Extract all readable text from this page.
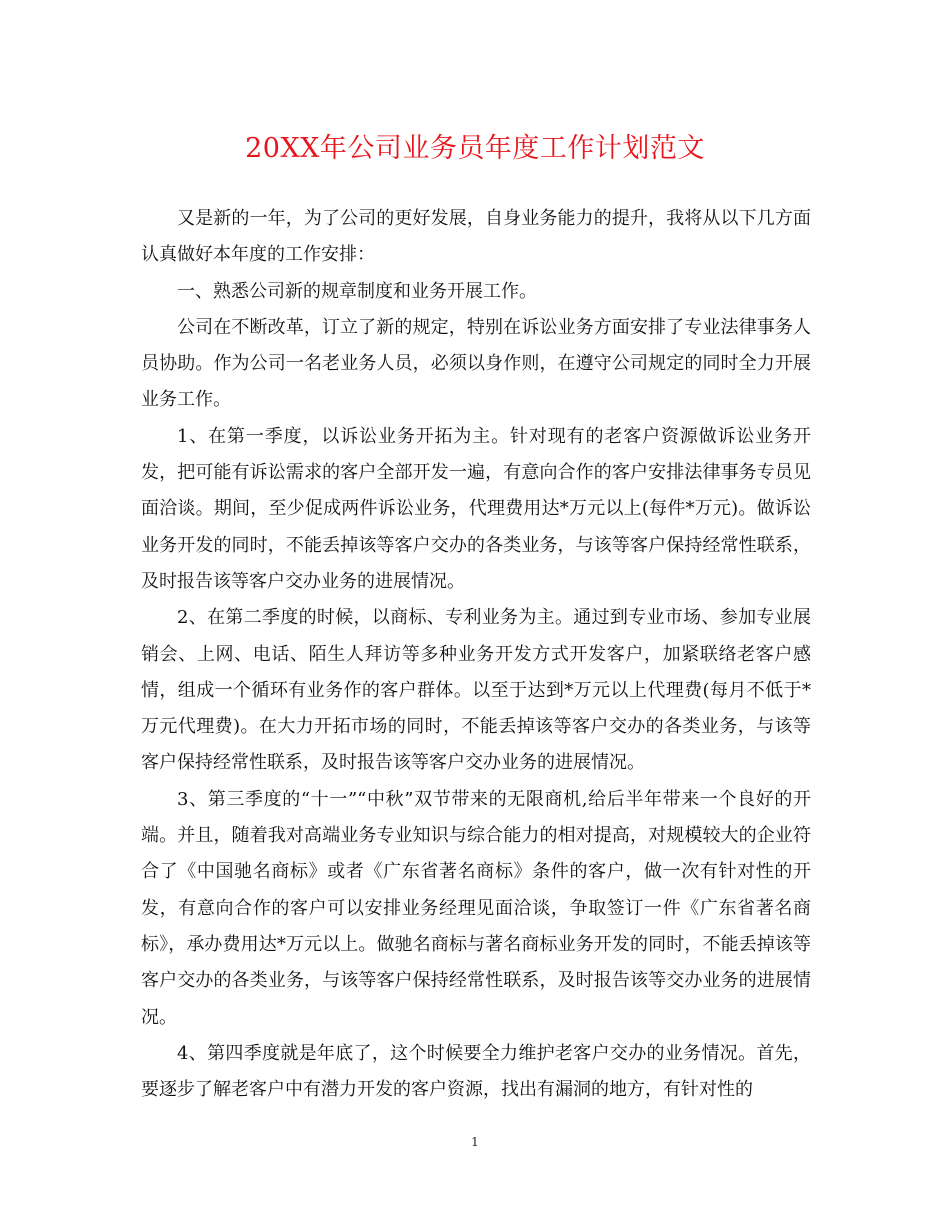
20XX年公司业务员年度工作计划范文

又是新的一年，为了公司的更好发展，自身业务能力的提升，我将从以下几方面认真做好本年度的工作安排：

一、熟悉公司新的规章制度和业务开展工作。

公司在不断改革，订立了新的规定，特别在诉讼业务方面安排了专业法律事务人员协助。作为公司一名老业务人员，必须以身作则，在遵守公司规定的同时全力开展业务工作。

1、在第一季度，以诉讼业务开拓为主。针对现有的老客户资源做诉讼业务开发，把可能有诉讼需求的客户全部开发一遍，有意向合作的客户安排法律事务专员见面洽谈。期间，至少促成两件诉讼业务，代理费用达*万元以上(每件*万元)。做诉讼业务开发的同时，不能丢掉该等客户交办的各类业务，与该等客户保持经常性联系，及时报告该等客户交办业务的进展情况。

2、在第二季度的时候，以商标、专利业务为主。通过到专业市场、参加专业展销会、上网、电话、陌生人拜访等多种业务开发方式开发客户，加紧联络老客户感情，组成一个循环有业务作的客户群体。以至于达到*万元以上代理费(每月不低于*万元代理费)。在大力开拓市场的同时，不能丢掉该等客户交办的各类业务，与该等客户保持经常性联系，及时报告该等客户交办业务的进展情况。

3、第三季度的“十一”“中秋”双节带来的无限商机,给后半年带来一个良好的开端。并且，随着我对高端业务专业知识与综合能力的相对提高，对规模较大的企业符合了《中国驰名商标》或者《广东省著名商标》条件的客户，做一次有针对性的开发，有意向合作的客户可以安排业务经理见面洽谈，争取签订一件《广东省著名商标》，承办费用达*万元以上。做驰名商标与著名商标业务开发的同时，不能丢掉该等客户交办的各类业务，与该等客户保持经常性联系，及时报告该等交办业务的进展情况。

4、第四季度就是年底了，这个时候要全力维护老客户交办的业务情况。首先，要逐步了解老客户中有潜力开发的客户资源，找出有漏洞的地方，有针对性的

1
